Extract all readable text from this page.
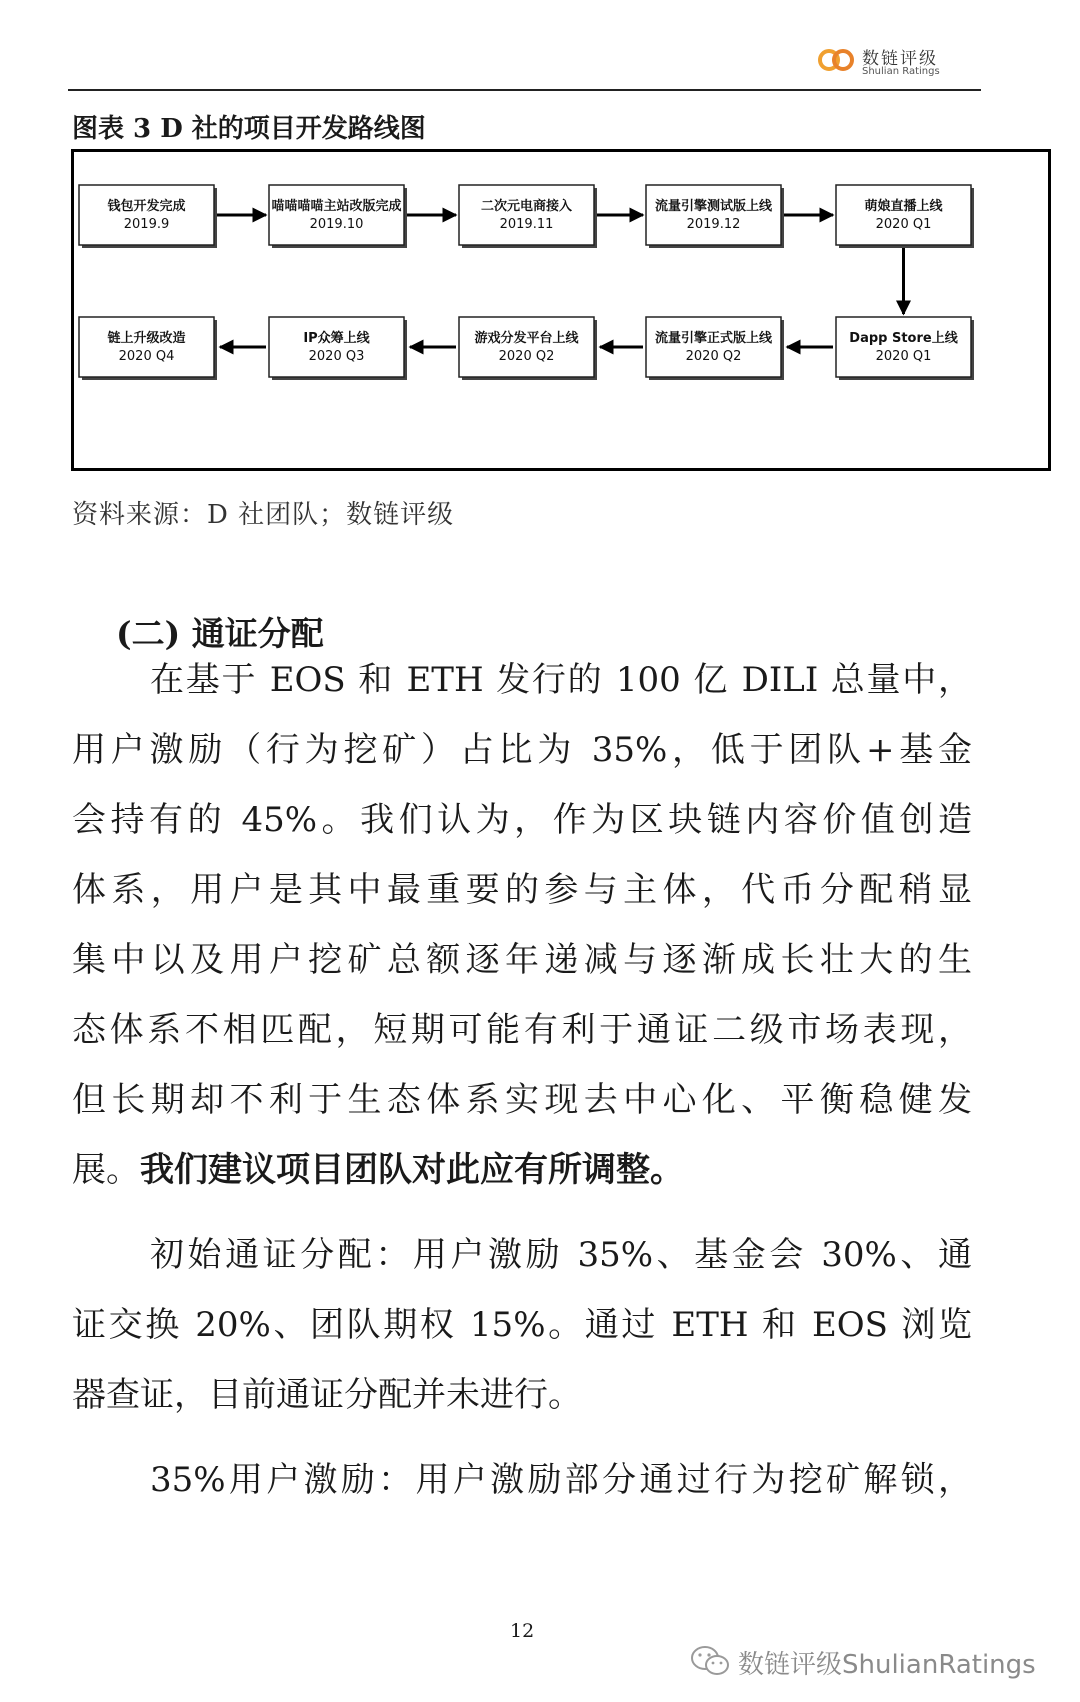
数链评级
Shulian Ratings
图表 3 D 社的项目开发路线图
钱包开发完成
2019.9
喵喵喵喵主站改版完成
2019.10
二次元电商接入
2019.11
流量引擎测试版上线
2019.12
萌娘直播上线
2020 Q1
Dapp Store上线
2020 Q1
流量引擎正式版上线
2020 Q2
游戏分发平台上线
2020 Q2
IP众筹上线
2020 Q3
链上升级改造
2020 Q4
资料来源：D 社团队；数链评级
(二) 通证分配
在基于 EOS 和 ETH 发行的 100 亿 DILI 总量中，
用户激励（行为挖矿）占比为 35%，低于团队+基金
会持有的 45%。我们认为，作为区块链内容价值创造
体系，用户是其中最重要的参与主体，代币分配稍显
集中以及用户挖矿总额逐年递减与逐渐成长壮大的生
态体系不相匹配，短期可能有利于通证二级市场表现，
但长期却不利于生态体系实现去中心化、平衡稳健发
展。我们建议项目团队对此应有所调整。
初始通证分配：用户激励 35%、基金会 30%、通
证交换 20%、团队期权 15%。通过 ETH 和 EOS 浏览
器查证，目前通证分配并未进行。
35%用户激励：用户激励部分通过行为挖矿解锁，
12
数链评级ShulianRatings
